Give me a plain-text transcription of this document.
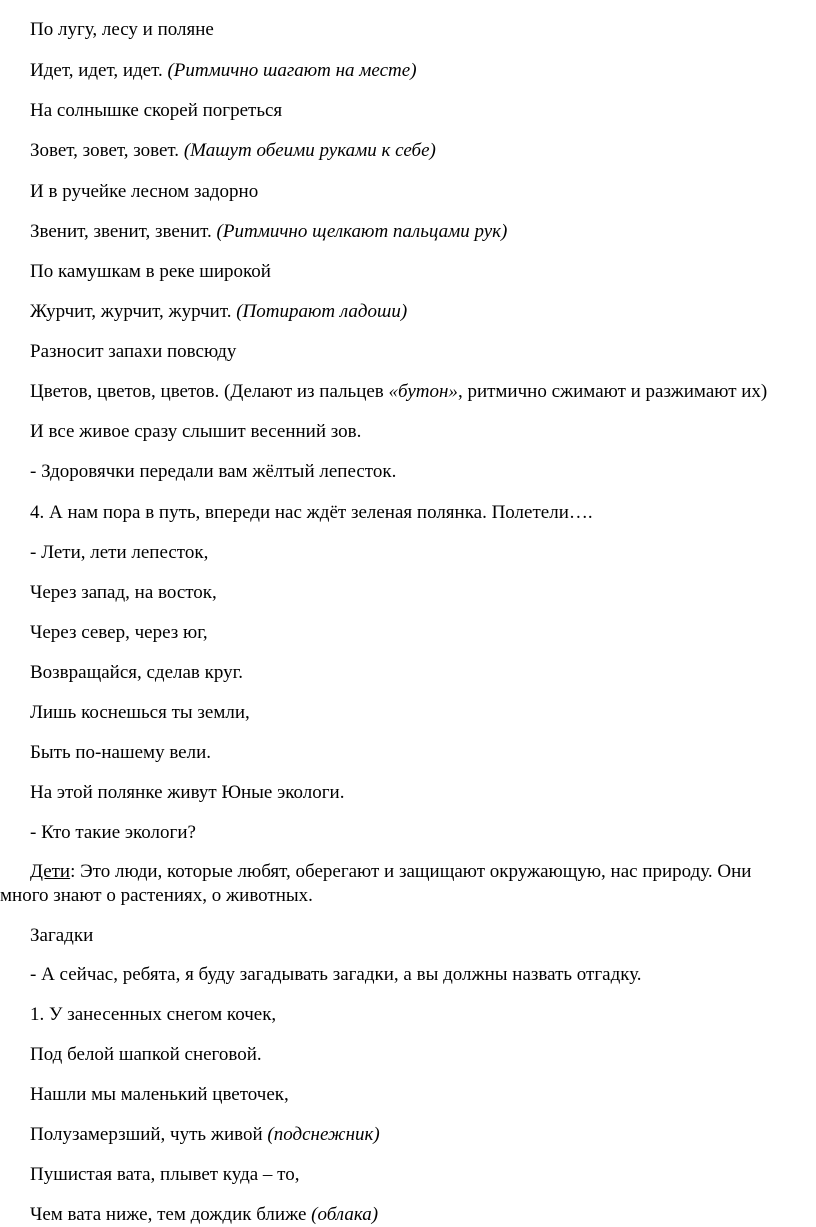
По лугу, лесу и поляне
Идет, идет, идет. (Ритмично шагают на месте)
На солнышке скорей погреться
Зовет, зовет, зовет. (Машут обеими руками к себе)
И в ручейке лесном задорно
Звенит, звенит, звенит. (Ритмично щелкают пальцами рук)
По камушкам в реке широкой
Журчит, журчит, журчит. (Потирают ладоши)
Разносит запахи повсюду
Цветов, цветов, цветов. (Делают из пальцев «бутон», ритмично сжимают и разжимают их)
И все живое сразу слышит весенний зов.
- Здоровячки передали вам жёлтый лепесток.
4. А нам пора в путь, впереди нас ждёт зеленая полянка. Полетели….
- Лети, лети лепесток,
Через запад, на восток,
Через север, через юг,
Возвращайся, сделав круг.
Лишь коснешься ты земли,
Быть по-нашему вели.
На этой полянке живут Юные экологи.
- Кто такие экологи?
Дети: Это люди, которые любят, оберегают и защищают окружающую, нас природу. Они
много знают о растениях, о животных.
Загадки
- А сейчас, ребята, я буду загадывать загадки, а вы должны назвать отгадку.
1. У занесенных снегом кочек,
Под белой шапкой снеговой.
Нашли мы маленький цветочек,
Полузамерзший, чуть живой (подснежник)
Пушистая вата, плывет куда – то,
Чем вата ниже, тем дождик ближе (облака)
